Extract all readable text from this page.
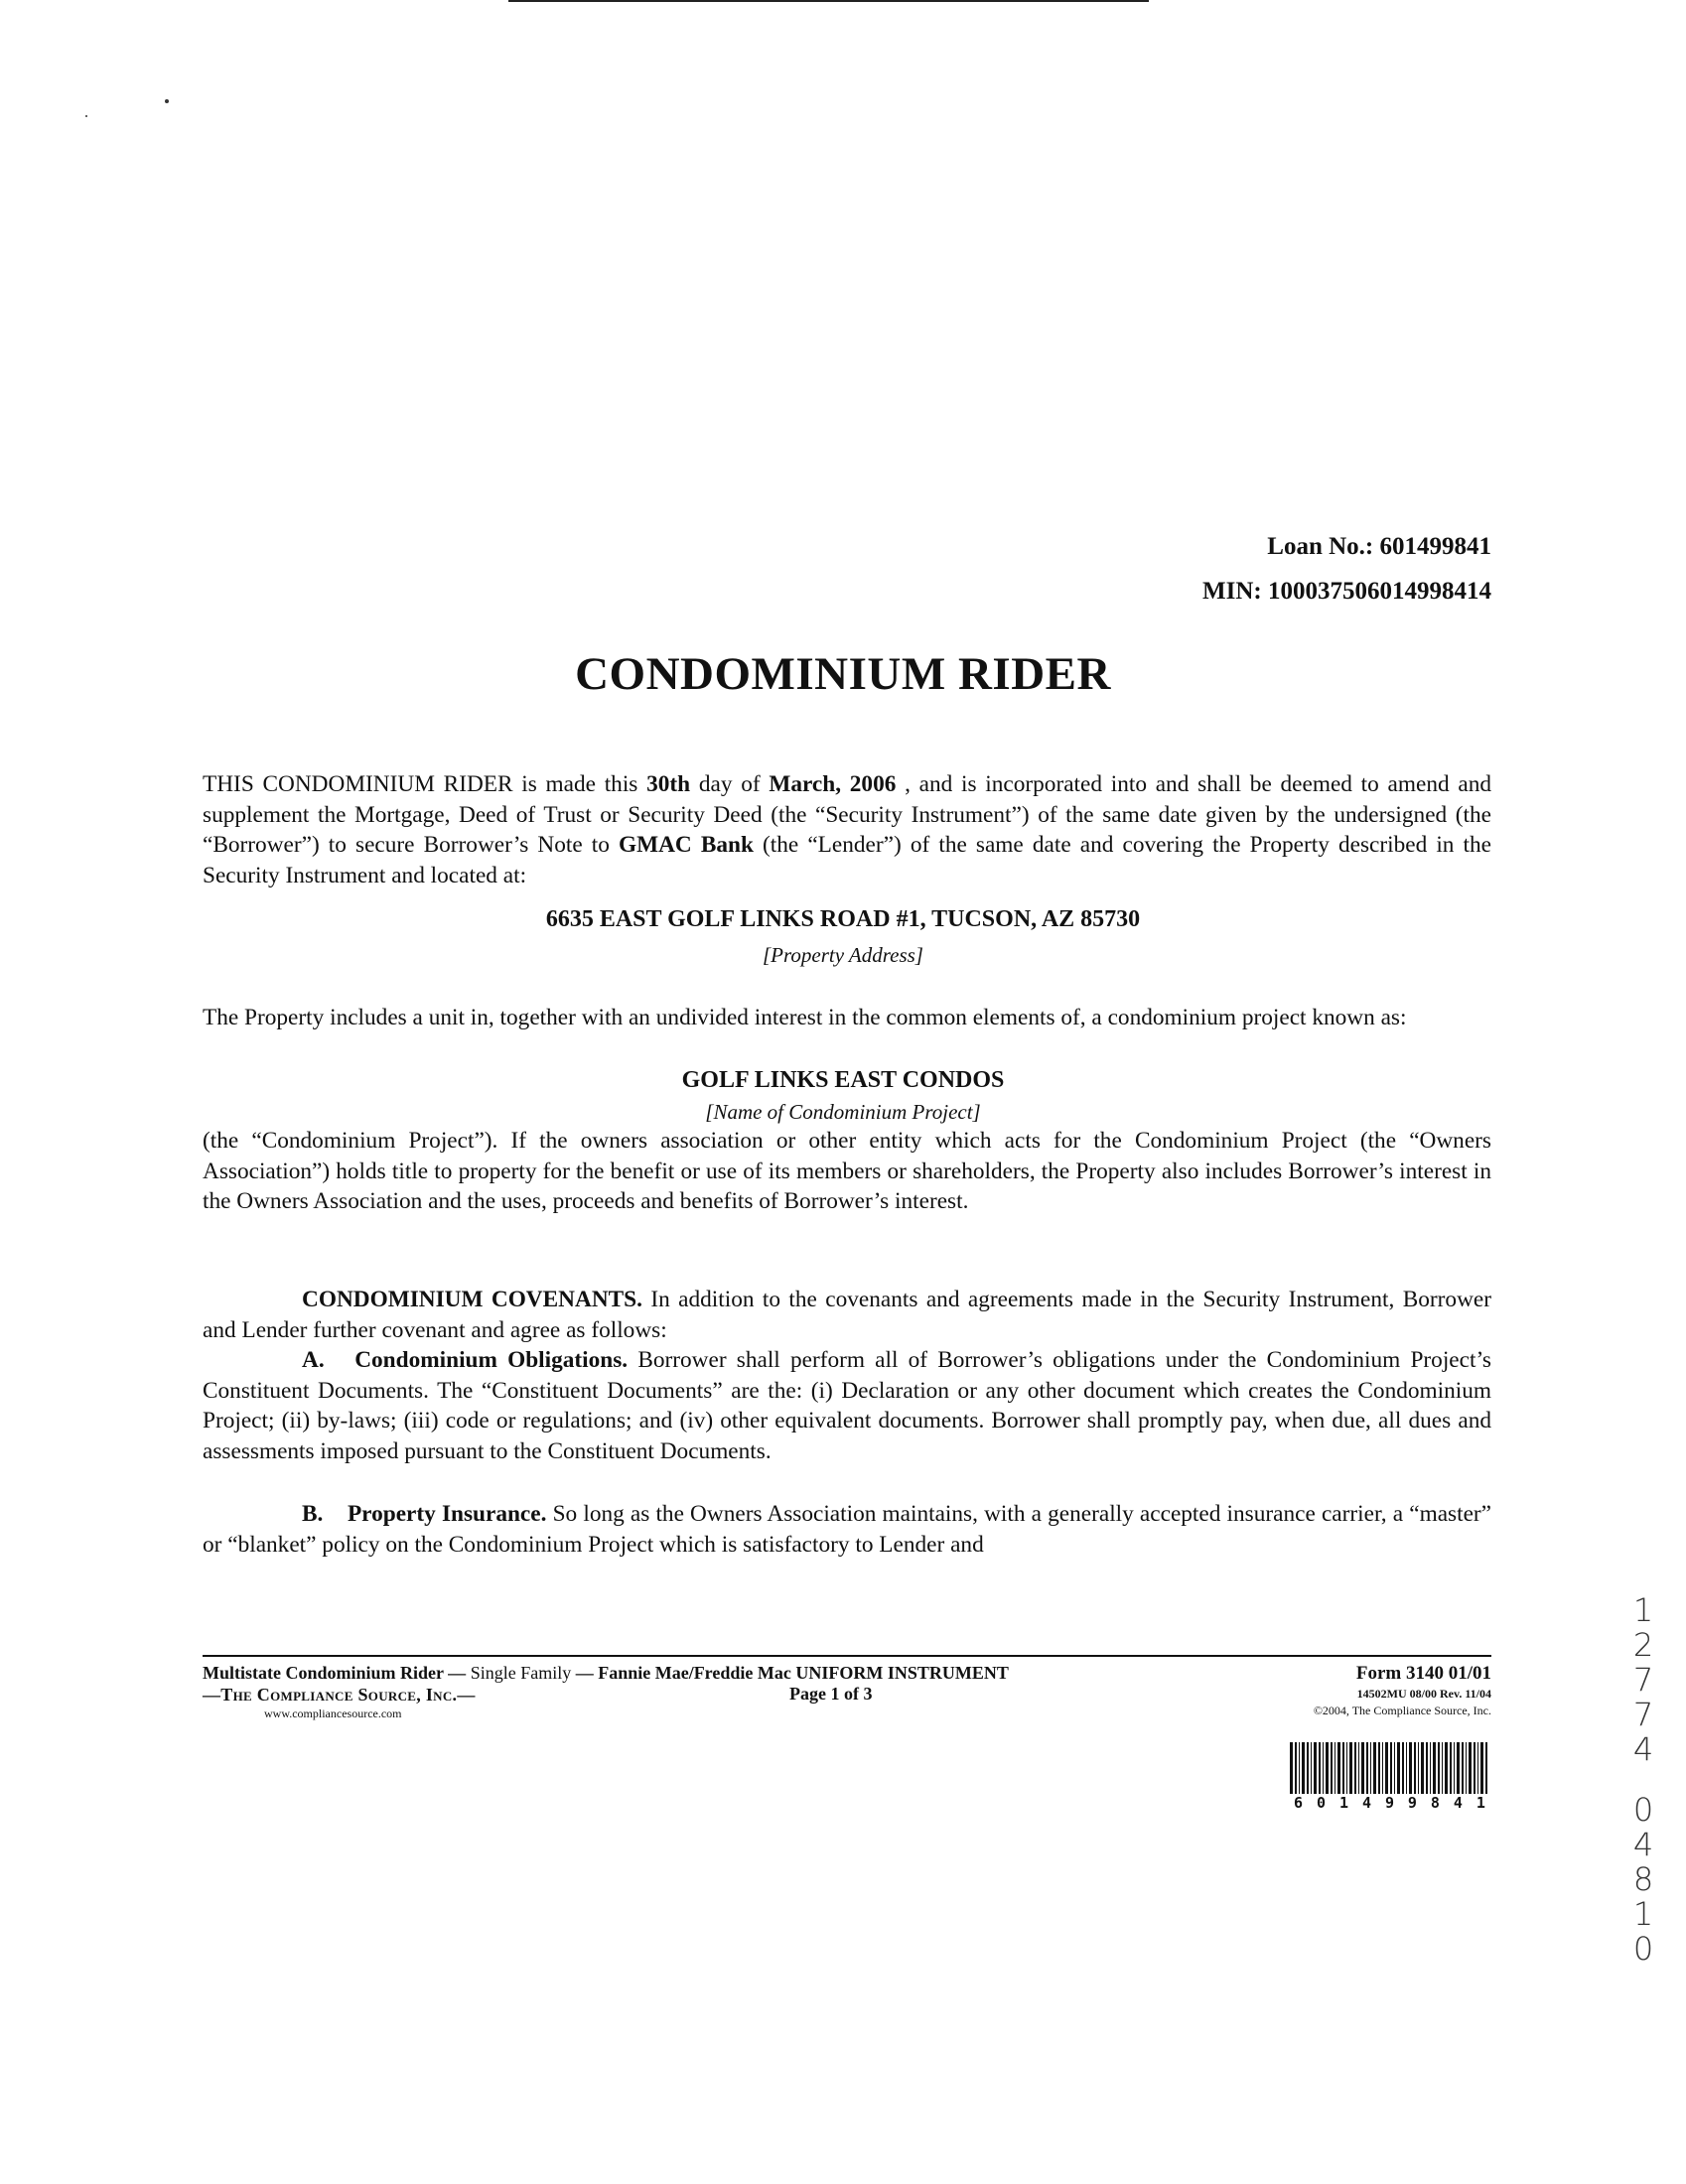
Loan No.: 601499841
MIN: 100037506014998414
CONDOMINIUM RIDER
THIS CONDOMINIUM RIDER is made this 30th day of March, 2006 , and is incorporated into and shall be deemed to amend and supplement the Mortgage, Deed of Trust or Security Deed (the “Security Instrument”) of the same date given by the undersigned (the “Borrower”) to secure Borrower’s Note to GMAC Bank (the “Lender”) of the same date and covering the Property described in the Security Instrument and located at:
6635 EAST GOLF LINKS ROAD #1, TUCSON, AZ 85730
[Property Address]
The Property includes a unit in, together with an undivided interest in the common elements of, a condominium project known as:
GOLF LINKS EAST CONDOS
[Name of Condominium Project]
(the “Condominium Project”). If the owners association or other entity which acts for the Condominium Project (the “Owners Association”) holds title to property for the benefit or use of its members or shareholders, the Property also includes Borrower’s interest in the Owners Association and the uses, proceeds and benefits of Borrower’s interest.
CONDOMINIUM COVENANTS. In addition to the covenants and agreements made in the Security Instrument, Borrower and Lender further covenant and agree as follows:
A. Condominium Obligations. Borrower shall perform all of Borrower’s obligations under the Condominium Project’s Constituent Documents. The “Constituent Documents” are the: (i) Declaration or any other document which creates the Condominium Project; (ii) by-laws; (iii) code or regulations; and (iv) other equivalent documents. Borrower shall promptly pay, when due, all dues and assessments imposed pursuant to the Constituent Documents.
B. Property Insurance. So long as the Owners Association maintains, with a generally accepted insurance carrier, a “master” or “blanket” policy on the Condominium Project which is satisfactory to Lender and
Multistate Condominium Rider — Single Family — Fannie Mae/Freddie Mac UNIFORM INSTRUMENT
—The Compliance Source, Inc.—
www.compliancesource.com
Page 1 of 3
Form 3140 01/01
14502MU 08/00 Rev. 11/04
©2004, The Compliance Source, Inc.
6 0 1 4 9 9 8 4 1
1
2
7
7
4
0
4
8
1
0
